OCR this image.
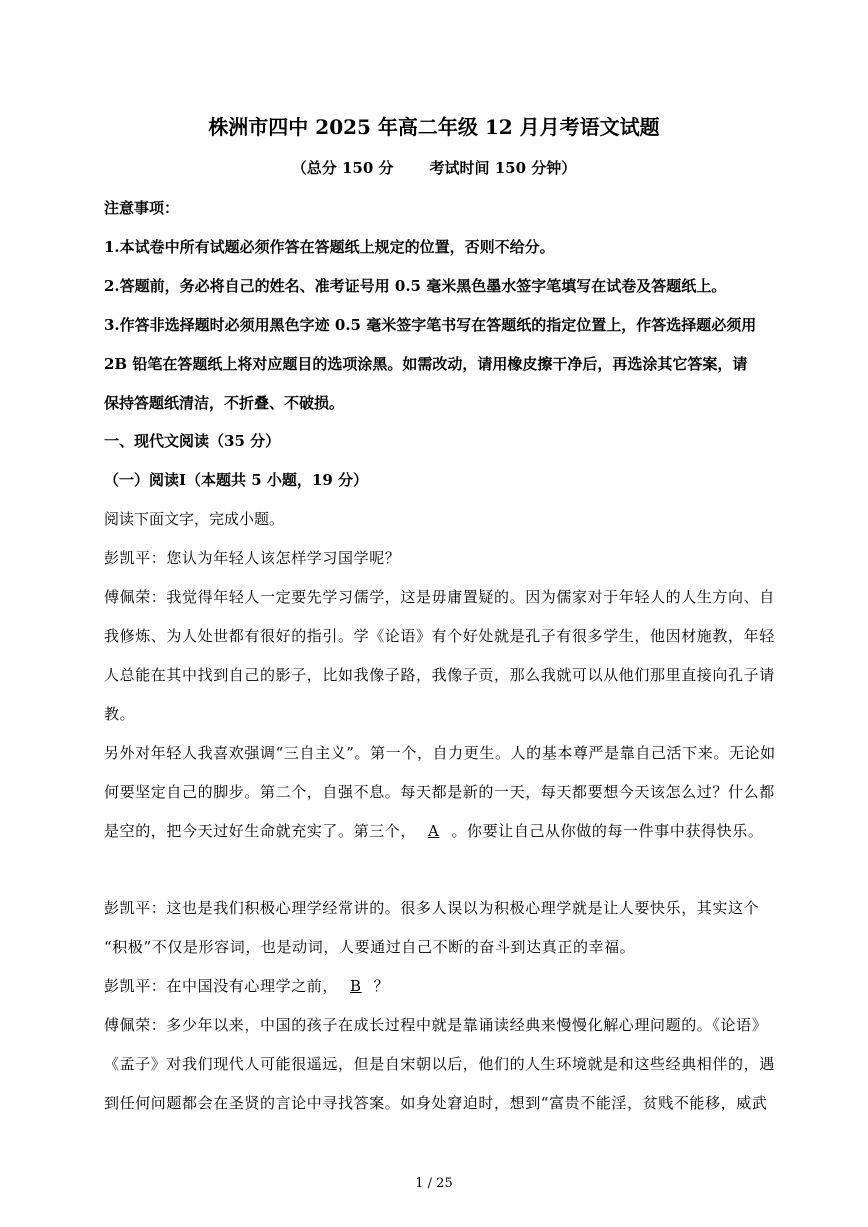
株洲市四中 2025 年高二年级 12 月月考语文试题
（总分 150 分 考试时间 150 分钟）
注意事项：
1.本试卷中所有试题必须作答在答题纸上规定的位置，否则不给分。
2.答题前，务必将自己的姓名、准考证号用 0.5 毫米黑色墨水签字笔填写在试卷及答题纸上。
3.作答非选择题时必须用黑色字迹 0.5 毫米签字笔书写在答题纸的指定位置上，作答选择题必须用
2B 铅笔在答题纸上将对应题目的选项涂黑。如需改动，请用橡皮擦干净后，再选涂其它答案，请
保持答题纸清洁，不折叠、不破损。
一、现代文阅读（35 分）
（一）阅读Ⅰ（本题共 5 小题，19 分）
阅读下面文字，完成小题。
彭凯平：您认为年轻人该怎样学习国学呢？
傅佩荣：我觉得年轻人一定要先学习儒学，这是毋庸置疑的。因为儒家对于年轻人的人生方向、自
我修炼、为人处世都有很好的指引。学《论语》有个好处就是孔子有很多学生，他因材施教，年轻
人总能在其中找到自己的影子，比如我像子路，我像子贡，那么我就可以从他们那里直接向孔子请
教。
另外对年轻人我喜欢强调“三自主义”。第一个，自力更生。人的基本尊严是靠自己活下来。无论如
何要坚定自己的脚步。第二个，自强不息。每天都是新的一天，每天都要想今天该怎么过？什么都
是空的，把今天过好生命就充实了。第三个， A 。你要让自己从你做的每一件事中获得快乐。
彭凯平：这也是我们积极心理学经常讲的。很多人误以为积极心理学就是让人要快乐，其实这个
“积极”不仅是形容词，也是动词，人要通过自己不断的奋斗到达真正的幸福。
彭凯平：在中国没有心理学之前， B ？
傅佩荣：多少年以来，中国的孩子在成长过程中就是靠诵读经典来慢慢化解心理问题的。《论语》
《孟子》对我们现代人可能很遥远，但是自宋朝以后，他们的人生环境就是和这些经典相伴的，遇
到任何问题都会在圣贤的言论中寻找答案。如身处窘迫时，想到“富贵不能淫，贫贱不能移，威武
1 / 25
